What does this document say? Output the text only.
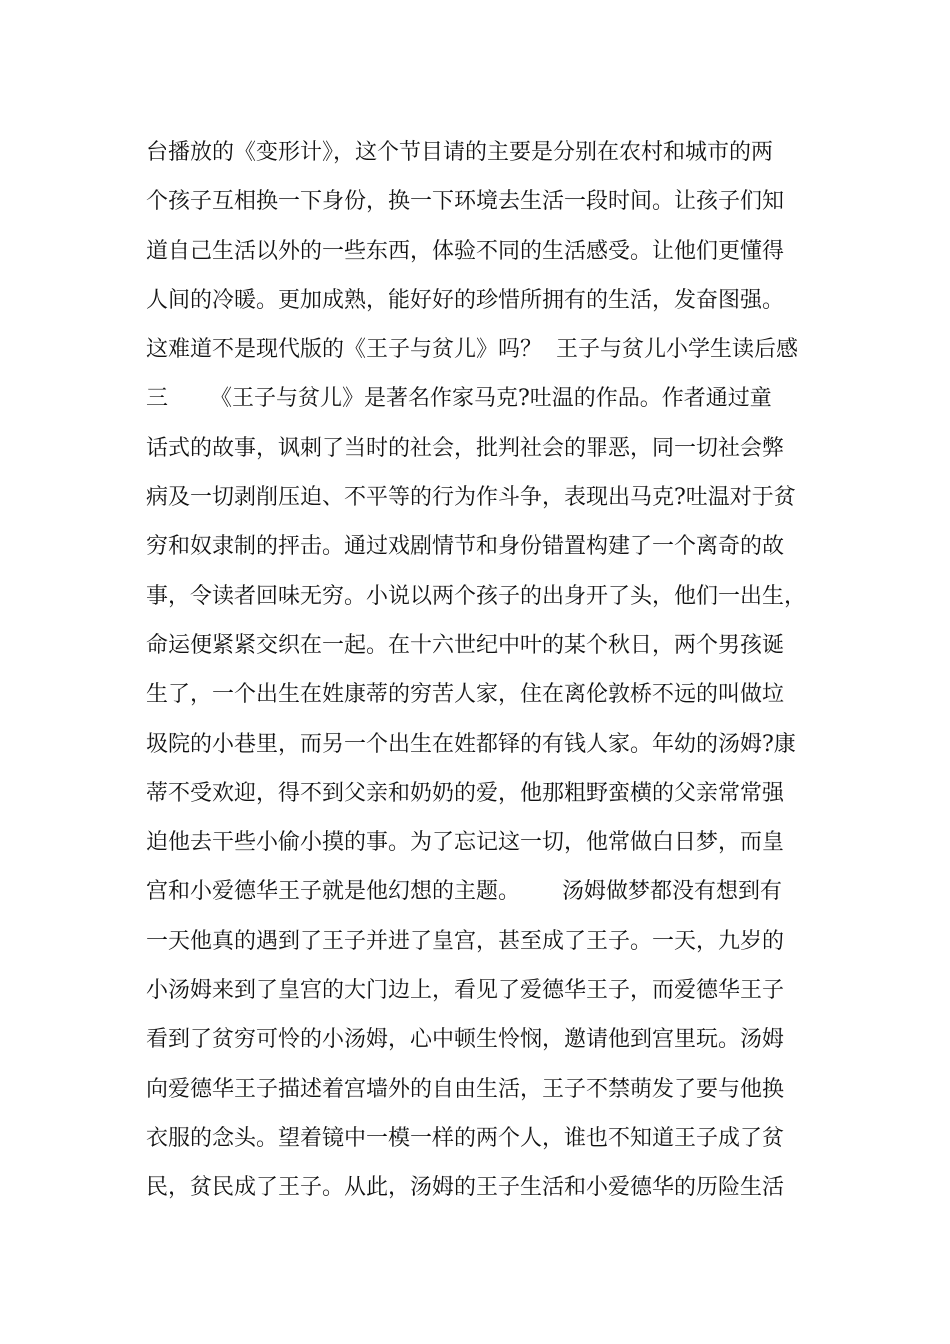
台播放的《变形计》，这个节目请的主要是分别在农村和城市的两
个孩子互相换一下身份，换一下环境去生活一段时间。让孩子们知
道自己生活以外的一些东西，体验不同的生活感受。让他们更懂得
人间的冷暖。更加成熟，能好好的珍惜所拥有的生活，发奋图强。
这难道不是现代版的《王子与贫儿》吗？  王子与贫儿小学生读后感
三      《王子与贫儿》是著名作家马克?吐温的作品。作者通过童
话式的故事，讽刺了当时的社会，批判社会的罪恶，同一切社会弊
病及一切剥削压迫、不平等的行为作斗争，表现出马克?吐温对于贫
穷和奴隶制的抨击。通过戏剧情节和身份错置构建了一个离奇的故
事，令读者回味无穷。小说以两个孩子的出身开了头，他们一出生，
命运便紧紧交织在一起。在十六世纪中叶的某个秋日，两个男孩诞
生了，一个出生在姓康蒂的穷苦人家，住在离伦敦桥不远的叫做垃
圾院的小巷里，而另一个出生在姓都铎的有钱人家。年幼的汤姆?康
蒂不受欢迎，得不到父亲和奶奶的爱，他那粗野蛮横的父亲常常强
迫他去干些小偷小摸的事。为了忘记这一切，他常做白日梦，而皇
宫和小爱德华王子就是他幻想的主题。      汤姆做梦都没有想到有
一天他真的遇到了王子并进了皇宫，甚至成了王子。一天，九岁的
小汤姆来到了皇宫的大门边上，看见了爱德华王子，而爱德华王子
看到了贫穷可怜的小汤姆，心中顿生怜悯，邀请他到宫里玩。汤姆
向爱德华王子描述着宫墙外的自由生活，王子不禁萌发了要与他换
衣服的念头。望着镜中一模一样的两个人，谁也不知道王子成了贫
民，贫民成了王子。从此，汤姆的王子生活和小爱德华的历险生活
